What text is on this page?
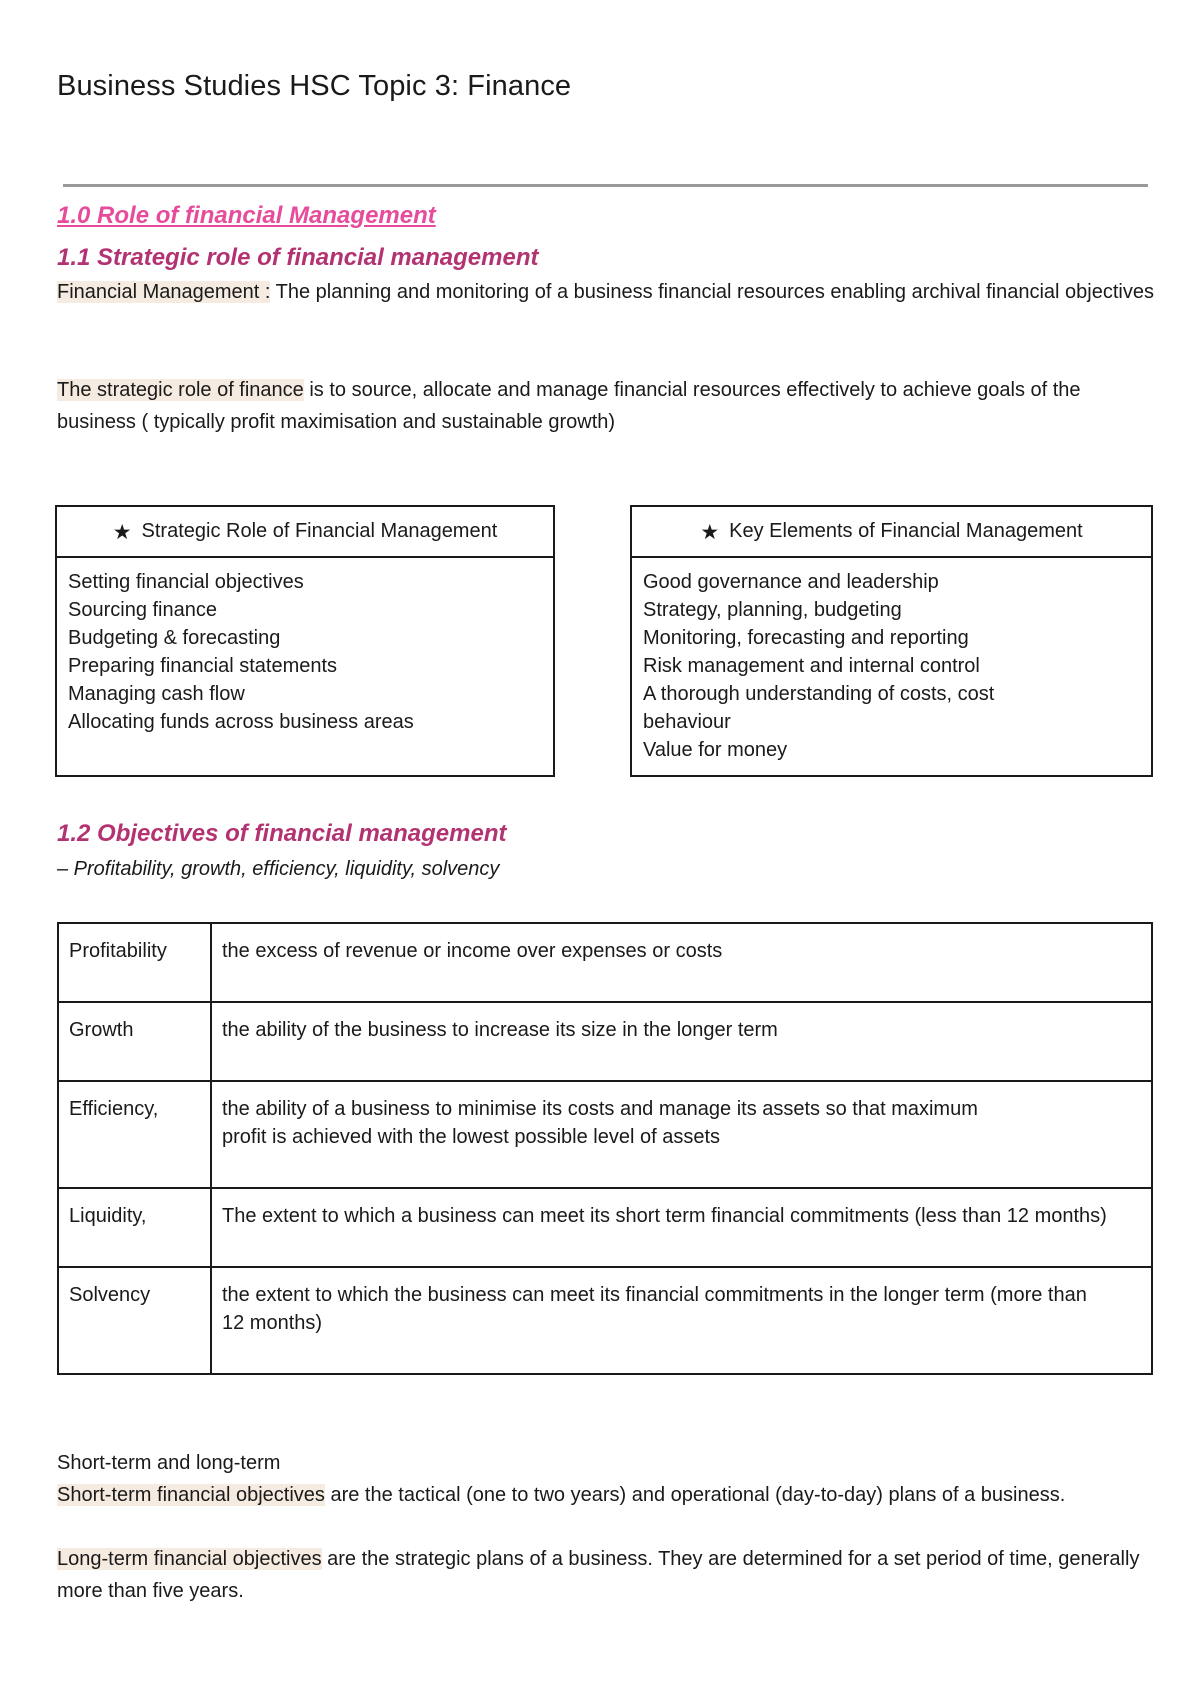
Business Studies HSC Topic 3: Finance
1.0 Role of financial Management
1.1 Strategic role of financial management

Financial Management : The planning and monitoring of a business financial resources enabling archival financial objectives

The strategic role of finance is to source, allocate and manage financial resources effectively to achieve goals of the business ( typically profit maximisation and sustainable growth)

★ Strategic Role of Financial Management
Setting financial objectives
Sourcing finance
Budgeting & forecasting
Preparing financial statements
Managing cash flow
Allocating funds across business areas
★ Key Elements of Financial Management
Good governance and leadership
Strategy, planning, budgeting
Monitoring, forecasting and reporting
Risk management and internal control
A thorough understanding of costs, cost behaviour
Value for money
1.2 Objectives of financial management

– Profitability, growth, efficiency, liquidity, solvency

Profitability	the excess of revenue or income over expenses or costs
Growth	the ability of the business to increase its size in the longer term
Efficiency,	the ability of a business to minimise its costs and manage its assets so that maximum profit is achieved with the lowest possible level of assets
Liquidity,	The extent to which a business can meet its short term financial commitments (less than 12 months)
Solvency	the extent to which the business can meet its financial commitments in the longer term (more than 12 months)

Short-term and long-term

Short-term financial objectives are the tactical (one to two years) and operational (day-to-day) plans of a business.

Long-term financial objectives are the strategic plans of a business. They are determined for a set period of time, generally more than five years.
